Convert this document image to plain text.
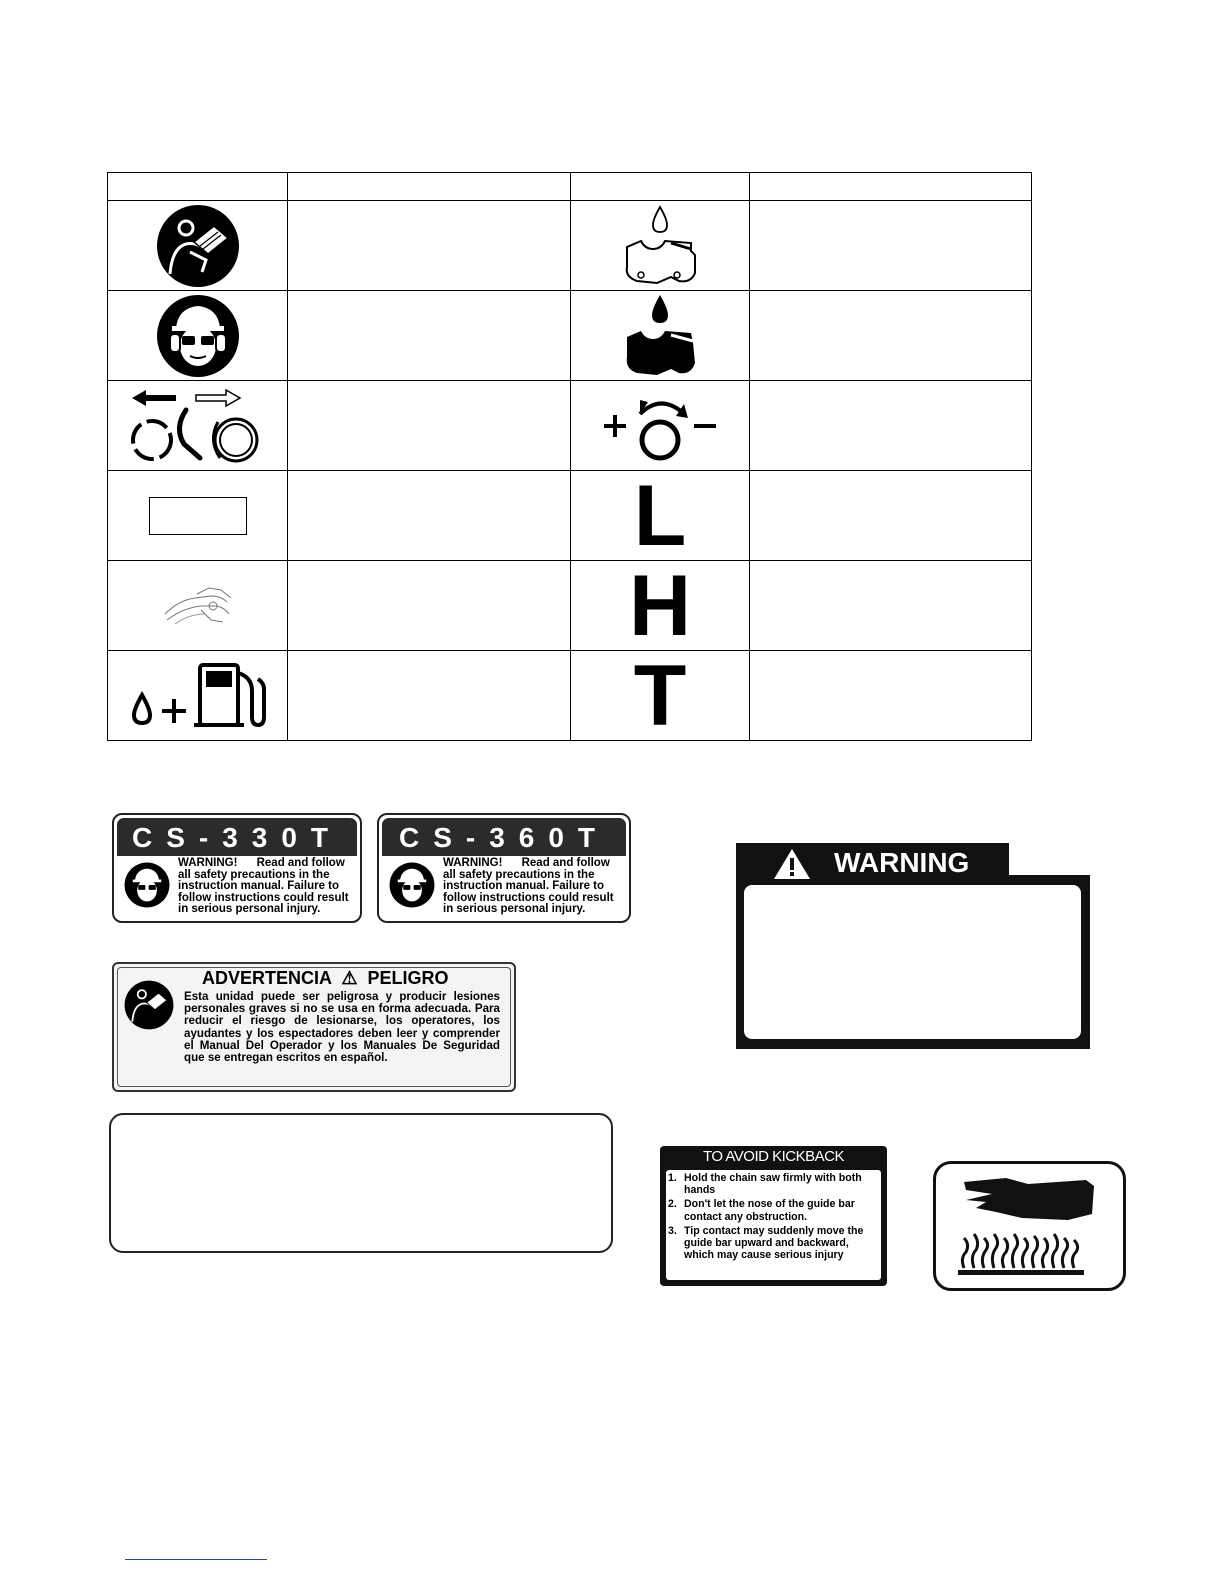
		L	

H	

T	

CS-330T
WARNING! Read and follow
all safety precautions in the instruction manual. Failure to follow instructions could result in serious personal injury.
CS-360T
WARNING! Read and follow
all safety precautions in the instruction manual. Failure to follow instructions could result in serious personal injury.
ADVERTENCIA ⚠ PELIGRO
Esta unidad puede ser peligrosa y producir lesiones personales graves si no se usa en forma adecuada. Para reducir el riesgo de lesionarse, los operatores, los ayudantes y los espectadores deben leer y comprender el Manual Del Operador y los Manuales De Seguridad que se entregan escritos en español.
WARNING
TO AVOID KICKBACK
1. Hold the chain saw firmly with both hands
2. Don't let the nose of the guide bar contact any obstruction.
3. Tip contact may suddenly move the guide bar upward and backward, which may cause serious injury
